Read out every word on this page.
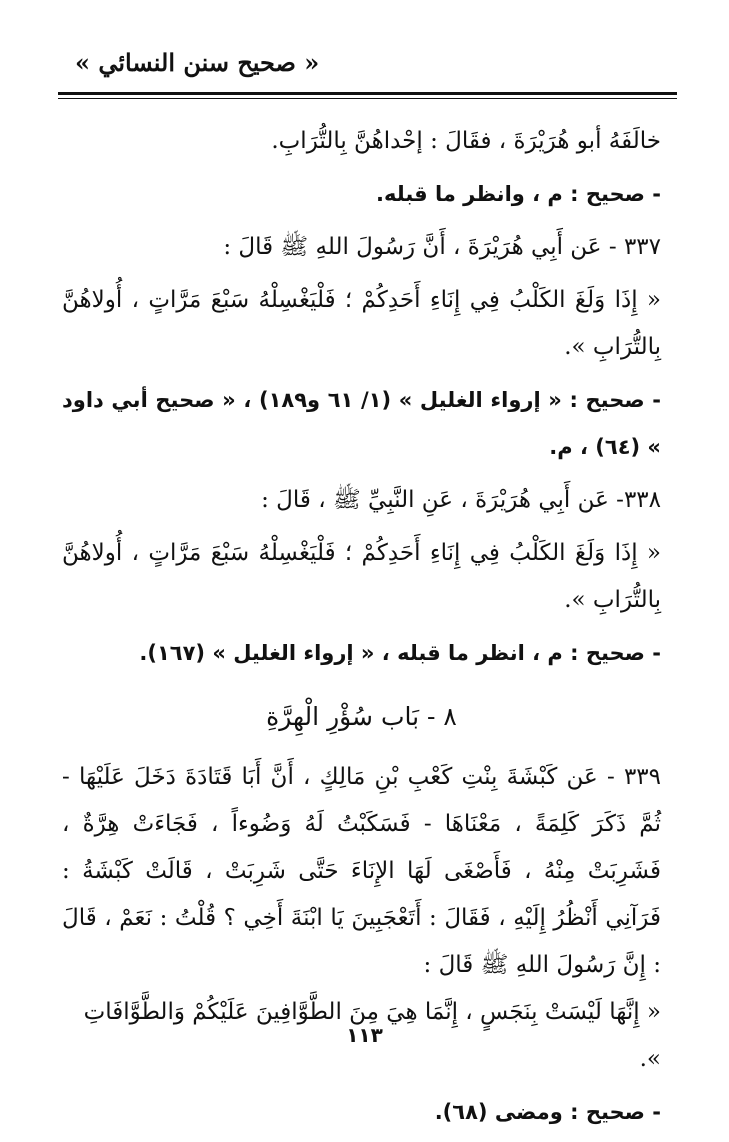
« صحيح سنن النسائي »

خالَفَهُ أبو هُرَيْرَةَ ، فقَالَ : إحْداهُنَّ بِالتُّرَابِ.

- صحيح : م ، وانظر ما قبله.

٣٣٧ - عَن أَبِي هُرَيْرَةَ ، أَنَّ رَسُولَ اللهِ ﷺ قَالَ :

« إِذَا وَلَغَ الكَلْبُ فِي إِنَاءِ أَحَدِكُمْ ؛ فَلْيَغْسِلْهُ سَبْعَ مَرَّاتٍ ، أُولاهُنَّ بِالتُّرَابِ ».

- صحيح : « إرواء الغليل » (١/ ٦١ و١٨٩) ، « صحيح أبي داود » (٦٤) ، م.

٣٣٨- عَن أَبِي هُرَيْرَةَ ، عَنِ النَّبِيِّ ﷺ ، قَالَ :

« إِذَا وَلَغَ الكَلْبُ فِي إِنَاءِ أَحَدِكُمْ ؛ فَلْيَغْسِلْهُ سَبْعَ مَرَّاتٍ ، أُولاهُنَّ بِالتُّرَابِ ».

- صحيح : م ، انظر ما قبله ، « إرواء الغليل » (١٦٧).

٨ - بَاب سُؤْرِ الْهِرَّةِ

٣٣٩ - عَن كَبْشَةَ بِنْتِ كَعْبِ بْنِ مَالِكٍ ، أَنَّ أَبَا قَتَادَةَ دَخَلَ عَلَيْهَا - ثُمَّ ذَكَرَ كَلِمَةً ، مَعْنَاهَا - فَسَكَبْتُ لَهُ وَضُوءاً ، فَجَاءَتْ هِرَّةٌ ، فَشَرِبَتْ مِنْهُ ، فَأَصْغَى لَهَا الإِنَاءَ حَتَّى شَرِبَتْ ، قَالَتْ كَبْشَةُ : فَرَآنِي أَنْظُرُ إِلَيْهِ ، فَقَالَ : أَتَعْجَبِينَ يَا ابْنَةَ أَخِي ؟ قُلْتُ : نَعَمْ ، قَالَ : إِنَّ رَسُولَ اللهِ ﷺ قَالَ :

« إِنَّهَا لَيْسَتْ بِنَجَسٍ ، إِنَّمَا هِيَ مِنَ الطَّوَّافِينَ عَلَيْكُمْ وَالطَّوَّافَاتِ ».

- صحيح : ومضى (٦٨).

١١٣
